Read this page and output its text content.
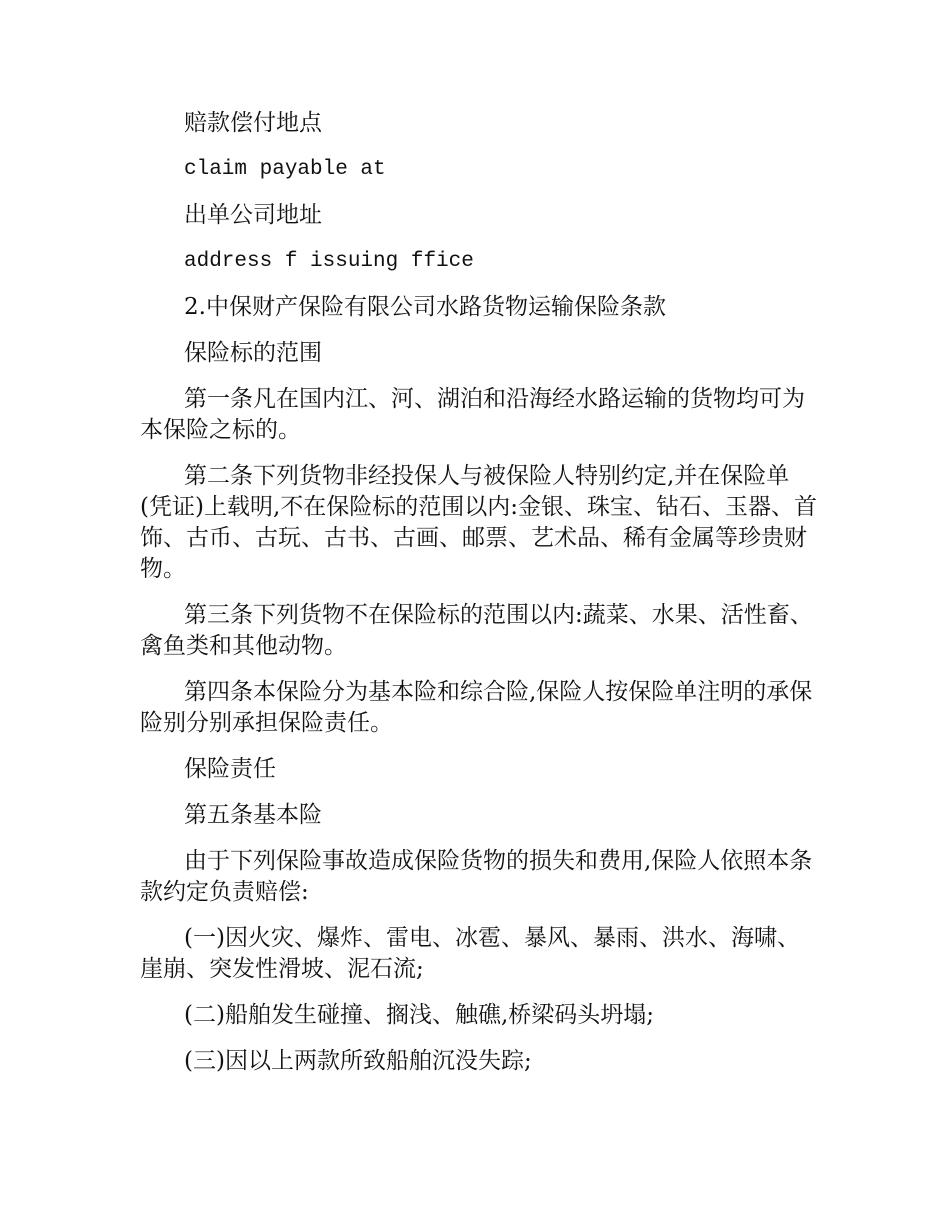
赔款偿付地点

claim payable at

出单公司地址

address f issuing ffice

2.中保财产保险有限公司水路货物运输保险条款

保险标的范围

第一条凡在国内江、河、湖泊和沿海经水路运输的货物均可为本保险之标的。

第二条下列货物非经投保人与被保险人特别约定,并在保险单(凭证)上载明,不在保险标的范围以内:金银、珠宝、钻石、玉器、首饰、古币、古玩、古书、古画、邮票、艺术品、稀有金属等珍贵财物。

第三条下列货物不在保险标的范围以内:蔬菜、水果、活性畜、禽鱼类和其他动物。

第四条本保险分为基本险和综合险,保险人按保险单注明的承保险别分别承担保险责任。

保险责任

第五条基本险

由于下列保险事故造成保险货物的损失和费用,保险人依照本条款约定负责赔偿:

(一)因火灾、爆炸、雷电、冰雹、暴风、暴雨、洪水、海啸、崖崩、突发性滑坡、泥石流;

(二)船舶发生碰撞、搁浅、触礁,桥梁码头坍塌;

(三)因以上两款所致船舶沉没失踪;
